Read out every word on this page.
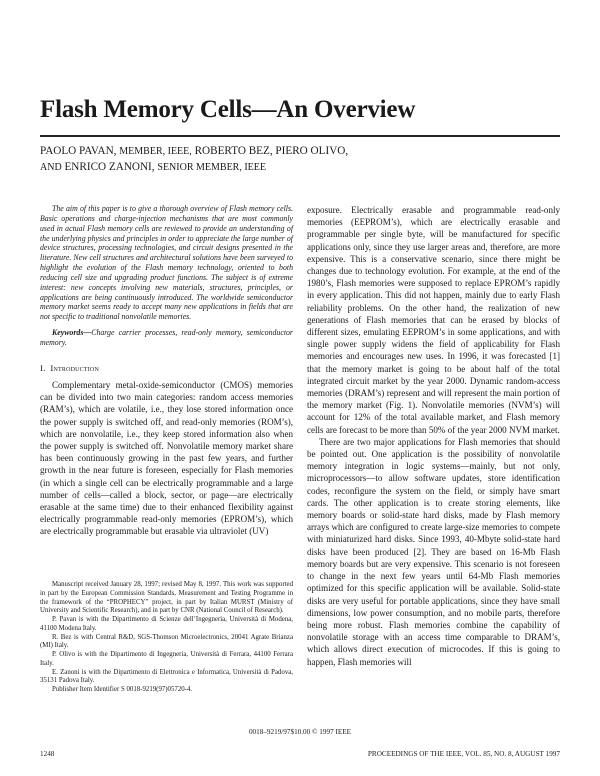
Flash Memory Cells—An Overview
PAOLO PAVAN, MEMBER, IEEE, ROBERTO BEZ, PIERO OLIVO,
AND ENRICO ZANONI, SENIOR MEMBER, IEEE

The aim of this paper is to give a thorough overview of Flash memory cells. Basic operations and charge-injection mechanisms that are most commonly used in actual Flash memory cells are reviewed to provide an understanding of the underlying physics and principles in order to appreciate the large number of device structures, processing technologies, and circuit designs presented in the literature. New cell structures and architectural solutions have been surveyed to highlight the evolution of the Flash memory technology, oriented to both reducing cell size and upgrading product functions. The subject is of extreme interest: new concepts involving new materials, structures, principles, or applications are being continuously introduced. The worldwide semiconductor memory market seems ready to accept many new applications in fields that are not specific to traditional nonvolatile memories.

Keywords—Charge carrier processes, read-only memory, semiconductor memory.

I. Introduction

Complementary metal-oxide-semiconductor (CMOS) memories can be divided into two main categories: random access memories (RAM’s), which are volatile, i.e., they lose stored information once the power supply is switched off, and read-only memories (ROM’s), which are nonvolatile, i.e., they keep stored information also when the power supply is switched off. Nonvolatile memory market share has been continuously growing in the past few years, and further growth in the near future is foreseen, especially for Flash memories (in which a single cell can be electrically programmable and a large number of cells—called a block, sector, or page—are electrically erasable at the same time) due to their enhanced flexibility against electrically programmable read-only memories (EPROM’s), which are electrically programmable but erasable via ultraviolet (UV)

Manuscript received January 28, 1997; revised May 8, 1997. This work was supported in part by the European Commission Standards, Measurement and Testing Programme in the framework of the “PROPHECY” project, in part by Italian MURST (Ministry of University and Scientific Research), and in part by CNR (National Council of Research).

P. Pavan is with the Dipartimento di Scienze dell’Ingegneria, Università di Modena, 41100 Modena Italy.

R. Bez is with Central R&D, SGS-Thomson Microelectronics, 20041 Agrate Brianza (MI) Italy.

P. Olivo is with the Dipartimento di Ingegneria, Università di Ferrara, 44100 Ferrara Italy.

E. Zanoni is with the Dipartimento di Elettronica e Informatica, Università di Padova, 35131 Padova Italy.

Publisher Item Identifier S 0018-9219(97)05720-4.

exposure. Electrically erasable and programmable read-only memories (EEPROM’s), which are electrically erasable and programmable per single byte, will be manufactured for specific applications only, since they use larger areas and, therefore, are more expensive. This is a conservative scenario, since there might be changes due to technology evolution. For example, at the end of the 1980’s, Flash memories were supposed to replace EPROM’s rapidly in every application. This did not happen, mainly due to early Flash reliability problems. On the other hand, the realization of new generations of Flash memories that can be erased by blocks of different sizes, emulating EEPROM’s in some applications, and with single power supply widens the field of applicability for Flash memories and encourages new uses. In 1996, it was forecasted [1] that the memory market is going to be about half of the total integrated circuit market by the year 2000. Dynamic random-access memories (DRAM’s) represent and will represent the main portion of the memory market (Fig. 1). Nonvolatile memories (NVM’s) will account for 12% of the total available market, and Flash memory cells are forecast to be more than 50% of the year 2000 NVM market.

There are two major applications for Flash memories that should be pointed out. One application is the possibility of nonvolatile memory integration in logic systems—mainly, but not only, microprocessors—to allow software updates, store identification codes, reconfigure the system on the field, or simply have smart cards. The other application is to create storing elements, like memory boards or solid-state hard disks, made by Flash memory arrays which are configured to create large-size memories to compete with miniaturized hard disks. Since 1993, 40-Mbyte solid-state hard disks have been produced [2]. They are based on 16-Mb Flash memory boards but are very expensive. This scenario is not foreseen to change in the next few years until 64-Mb Flash memories optimized for this specific application will be available. Solid-state disks are very useful for portable applications, since they have small dimensions, low power consumption, and no mobile parts, therefore being more robust. Flash memories combine the capability of nonvolatile storage with an access time comparable to DRAM’s, which allows direct execution of microcodes. If this is going to happen, Flash memories will

0018–9219/97$10.00 © 1997 IEEE
1248	PROCEEDINGS OF THE IEEE, VOL. 85, NO. 8, AUGUST 1997
